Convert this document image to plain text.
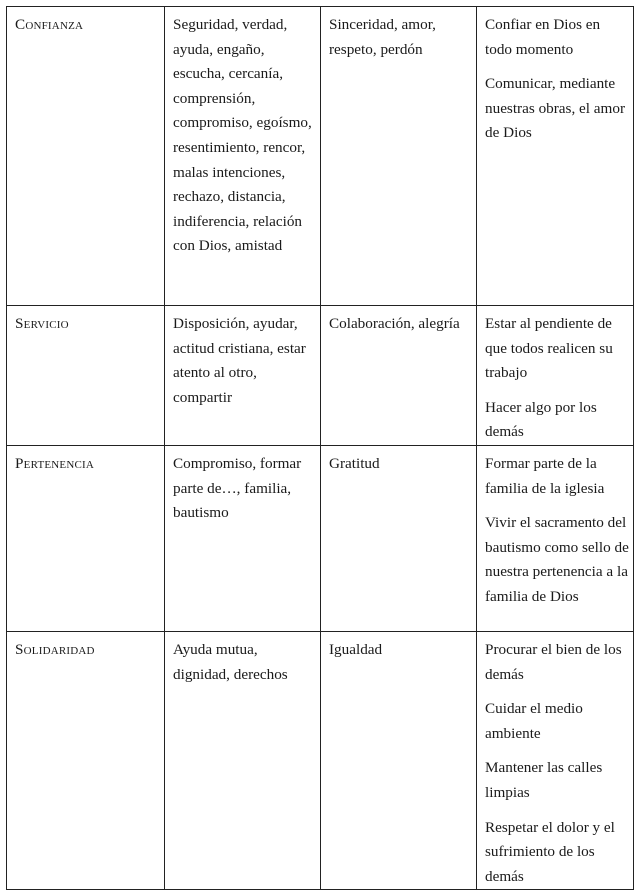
Confianza	Seguridad, verdad, ayuda, engaño, escucha, cercanía, comprensión, compromiso, egoísmo, resentimiento, rencor, malas intenciones, rechazo, distancia, indiferencia, relación con Dios, amistad	Sinceridad, amor, respeto, perdón	Confiar en Dios en todo momento
Comunicar, mediante nuestras obras, el amor de Dios

Servicio	Disposición, ayudar, actitud cristiana, estar atento al otro, compartir	Colaboración, alegría	Estar al pendiente de que todos realicen su trabajo
Hacer algo por los demás

Pertenencia	Compromiso, formar parte de…, familia, bautismo	Gratitud	Formar parte de la familia de la iglesia
Vivir el sacramento del bautismo como sello de nuestra pertenencia a la familia de Dios

Solidaridad	Ayuda mutua, dignidad, derechos	Igualdad	Procurar el bien de los demás
Cuidar el medio ambiente
Mantener las calles limpias
Respetar el dolor y el sufrimiento de los demás
